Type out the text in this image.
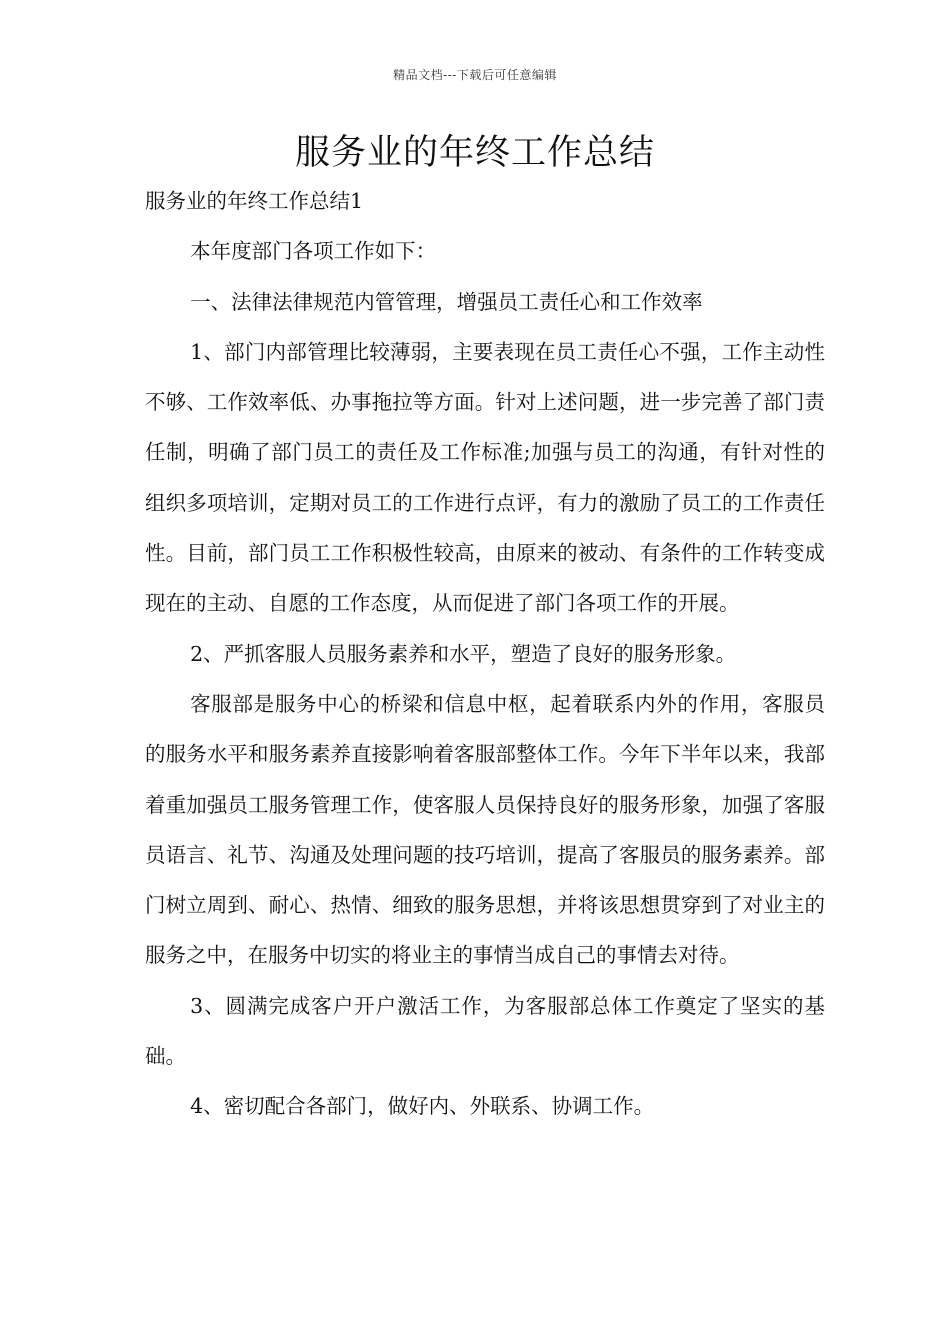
精品文档---下载后可任意编辑
服务业的年终工作总结

服务业的年终工作总结1

本年度部门各项工作如下：

一、法律法律规范内管管理，增强员工责任心和工作效率

1、部门内部管理比较薄弱，主要表现在员工责任心不强，工作主动性不够、工作效率低、办事拖拉等方面。针对上述问题，进一步完善了部门责任制，明确了部门员工的责任及工作标准;加强与员工的沟通，有针对性的组织多项培训，定期对员工的工作进行点评，有力的激励了员工的工作责任性。目前，部门员工工作积极性较高，由原来的被动、有条件的工作转变成现在的主动、自愿的工作态度，从而促进了部门各项工作的开展。

2、严抓客服人员服务素养和水平，塑造了良好的服务形象。

客服部是服务中心的桥梁和信息中枢，起着联系内外的作用，客服员的服务水平和服务素养直接影响着客服部整体工作。今年下半年以来，我部着重加强员工服务管理工作，使客服人员保持良好的服务形象，加强了客服员语言、礼节、沟通及处理问题的技巧培训，提高了客服员的服务素养。部门树立周到、耐心、热情、细致的服务思想，并将该思想贯穿到了对业主的服务之中，在服务中切实的将业主的事情当成自己的事情去对待。

3、圆满完成客户开户激活工作，为客服部总体工作奠定了坚实的基础。

4、密切配合各部门，做好内、外联系、协调工作。
